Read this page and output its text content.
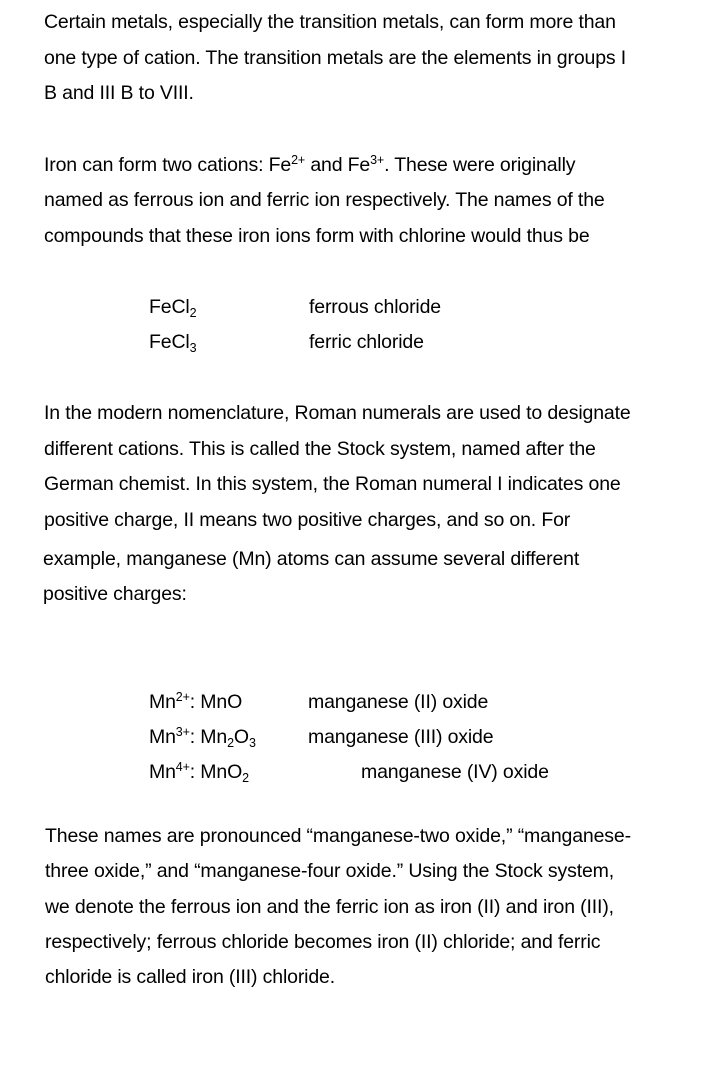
Certain metals, especially the transition metals, can form more than
one type of cation. The transition metals are the elements in groups I
B and III B to VIII.
Iron can form two cations: $Fe^{2+}$ and $Fe^{3+}$. These were originally
named as ferrous ion and ferric ion respectively. The names of the
compounds that these iron ions form with chlorine would thus be
FeCl$_2$	ferrous chloride
FeCl$_3$	ferric chloride
In the modern nomenclature, Roman numerals are used to designate
different cations. This is called the Stock system, named after the
German chemist. In this system, the Roman numeral I indicates one
positive charge, II means two positive charges, and so on. For
example, manganese (Mn) atoms can assume several different
positive charges:
$Mn^{2+}$: MnO	manganese (II) oxide
$Mn^{3+}$: $Mn_2O_3$	manganese (III) oxide
$Mn^{4+}$: MnO$_2$	manganese (IV) oxide
These names are pronounced “manganese-two oxide,” “manganese-
three oxide,” and “manganese-four oxide.” Using the Stock system,
we denote the ferrous ion and the ferric ion as iron (II) and iron (III),
respectively; ferrous chloride becomes iron (II) chloride; and ferric
chloride is called iron (III) chloride.
